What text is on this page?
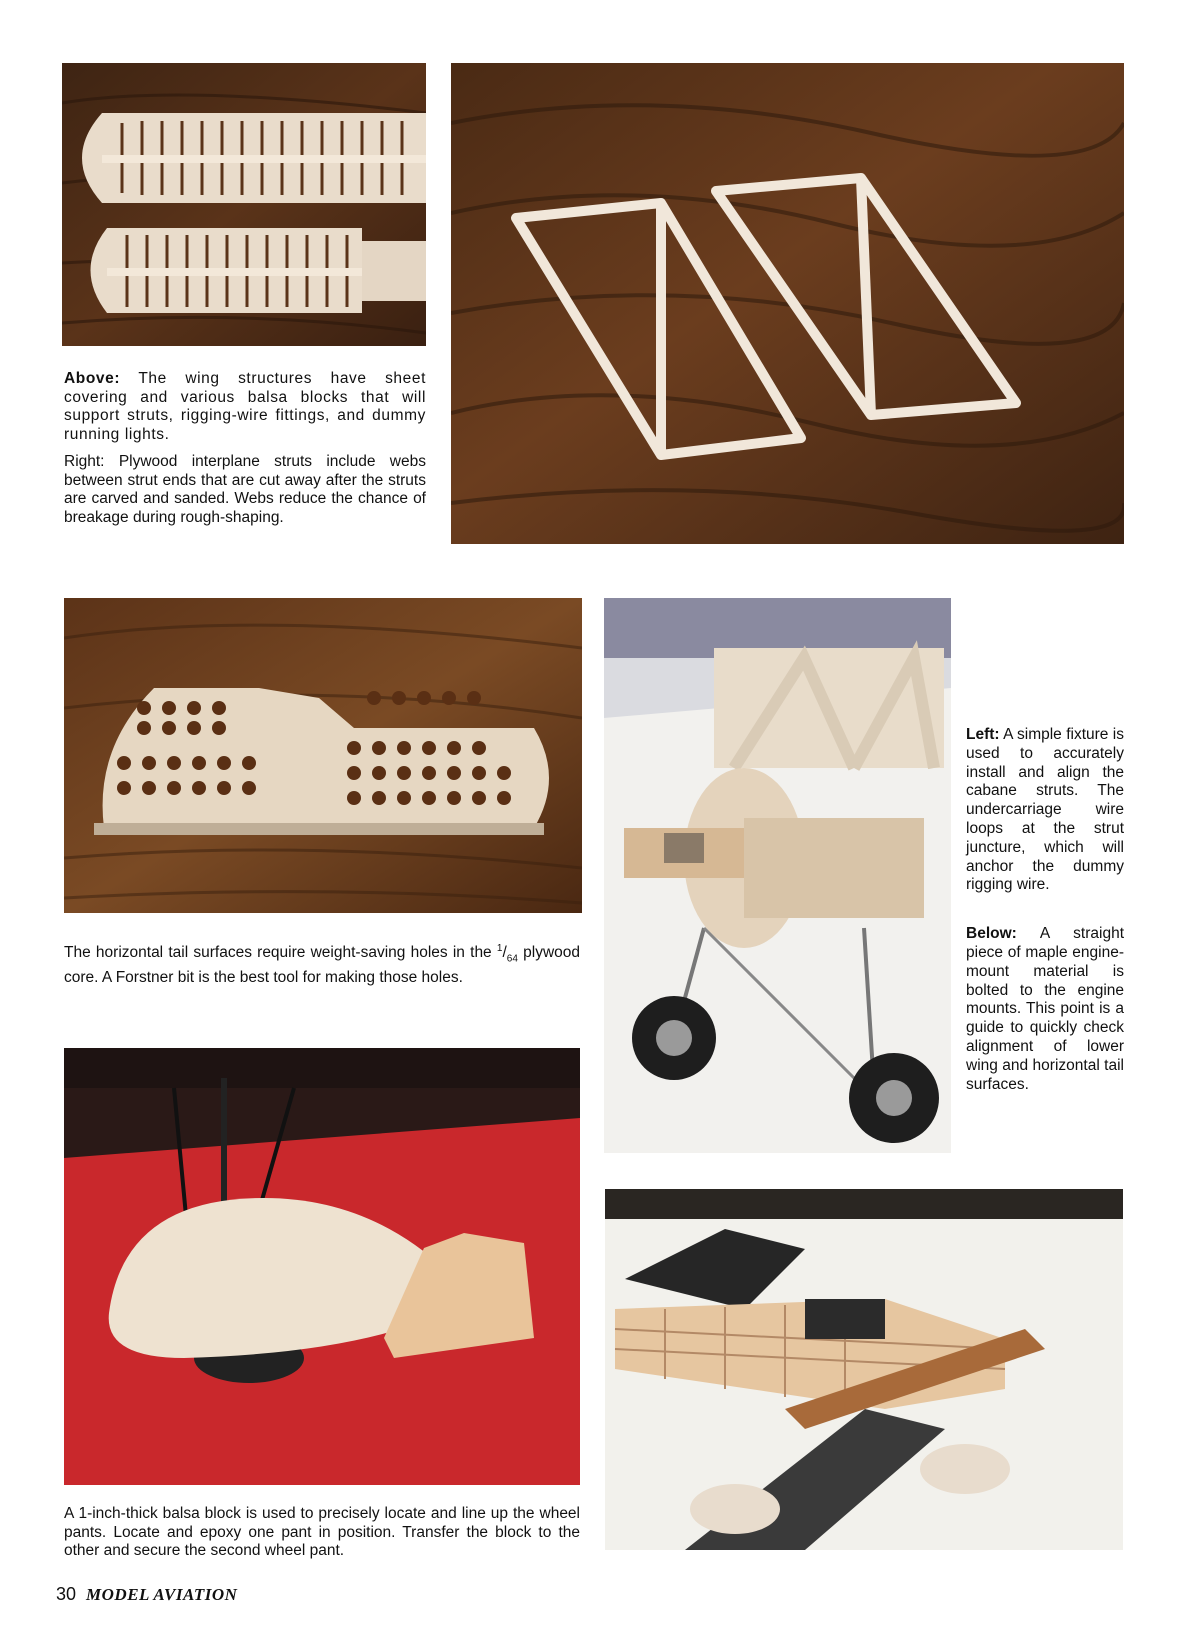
Above: The wing structures have sheet covering and various balsa blocks that will support struts, rigging-wire fittings, and dummy running lights.

Right: Plywood interplane struts include webs between strut ends that are cut away after the struts are carved and sanded. Webs reduce the chance of breakage during rough-shaping.

The horizontal tail surfaces require weight-saving holes in the $^1/_{64}$ plywood core. A Forstner bit is the best tool for making those holes.

Left: A simple fixture is used to accurately install and align the cabane struts. The undercarriage wire loops at the strut juncture, which will anchor the dummy rigging wire.

Below: A straight piece of maple engine-mount material is bolted to the engine mounts. This point is a guide to quickly check alignment of lower wing and horizontal tail surfaces.

A 1-inch-thick balsa block is used to precisely locate and line up the wheel pants. Locate and epoxy one pant in position. Transfer the block to the other and secure the second wheel pant.

30 MODEL AVIATION
